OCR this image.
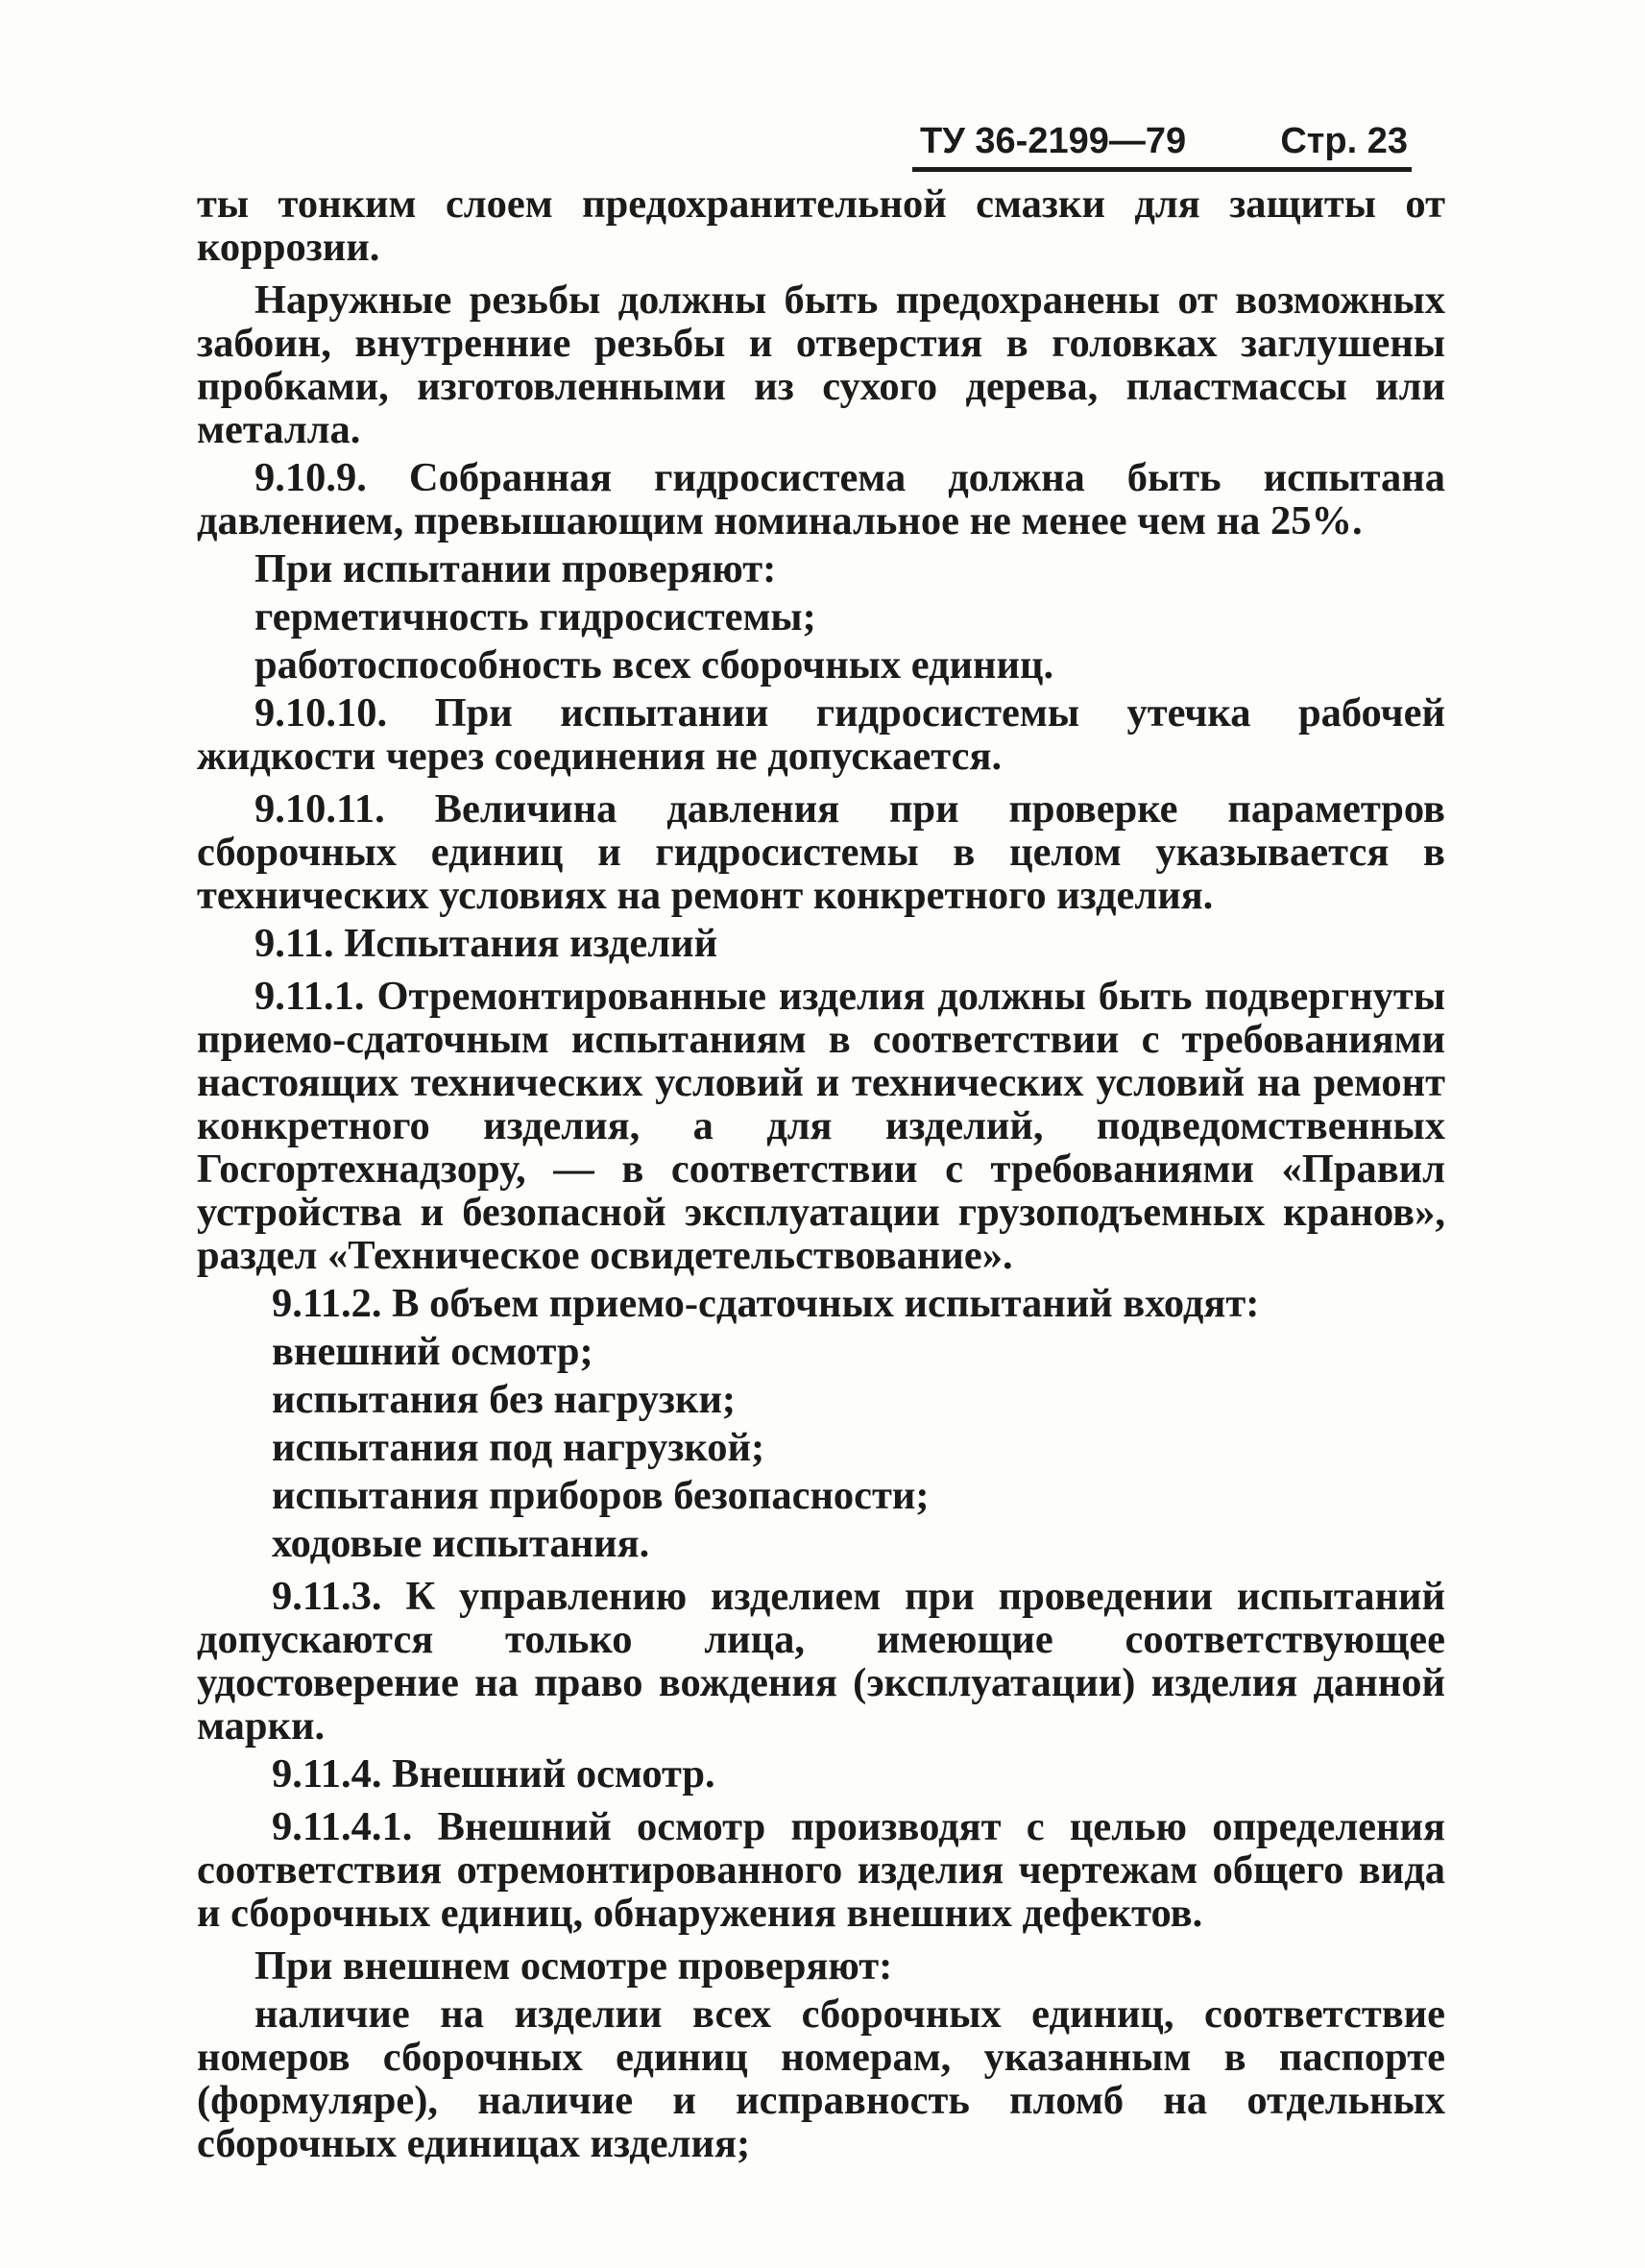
ТУ 36-2199—79	Стр. 23

ты тонким слоем предохранительной смазки для защиты от коррозии.

Наружные резьбы должны быть предохранены от возможных забоин, внутренние резьбы и отверстия в головках заглушены пробками, изготовленными из сухого дерева, пластмассы или металла.

9.10.9. Собранная гидросистема должна быть испытана давлением, превышающим номинальное не менее чем на 25%.

При испытании проверяют:

герметичность гидросистемы;

работоспособность всех сборочных единиц.

9.10.10. При испытании гидросистемы утечка рабочей жидкости через соединения не допускается.

9.10.11. Величина давления при проверке параметров сборочных единиц и гидросистемы в целом указывается в технических условиях на ремонт конкретного изделия.

9.11. Испытания изделий

9.11.1. Отремонтированные изделия должны быть подвергнуты приемо-сдаточным испытаниям в соответствии с требованиями настоящих технических условий и технических условий на ремонт конкретного изделия, а для изделий, подведомственных Госгортехнадзору, — в соответствии с требованиями «Правил устройства и безопасной эксплуатации грузоподъемных кранов», раздел «Техническое освидетельствование».

9.11.2. В объем приемо-сдаточных испытаний входят:

внешний осмотр;

испытания без нагрузки;

испытания под нагрузкой;

испытания приборов безопасности;

ходовые испытания.

9.11.3. К управлению изделием при проведении испытаний допускаются только лица, имеющие соответствующее удостоверение на право вождения (эксплуатации) изделия данной марки.

9.11.4. Внешний осмотр.

9.11.4.1. Внешний осмотр производят с целью определения соответствия отремонтированного изделия чертежам общего вида и сборочных единиц, обнаружения внешних дефектов.

При внешнем осмотре проверяют:

наличие на изделии всех сборочных единиц, соответствие номеров сборочных единиц номерам, указанным в паспорте (формуляре), наличие и исправность пломб на отдельных сборочных единицах изделия;
